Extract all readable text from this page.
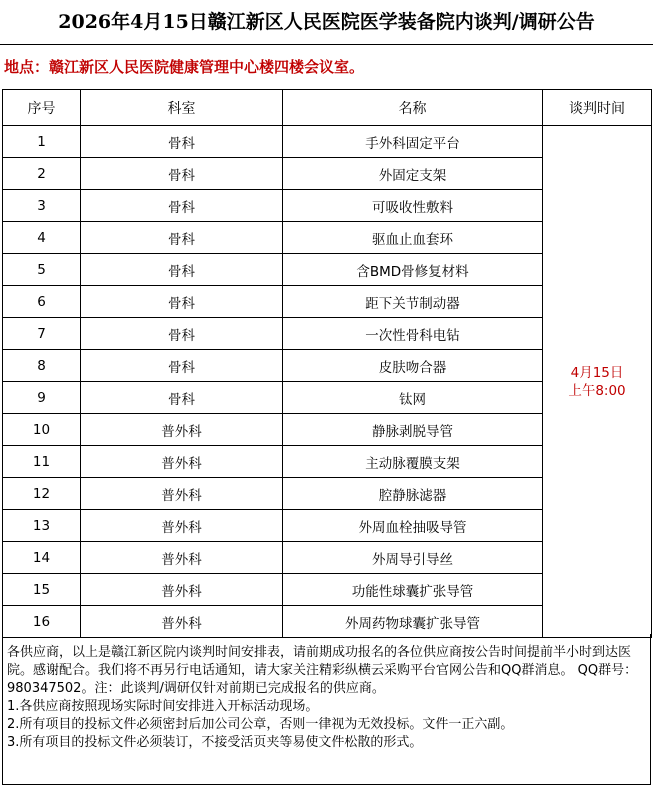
2026年4月15日赣江新区人民医院医学装备院内谈判/调研公告
地点：赣江新区人民医院健康管理中心楼四楼会议室。
序号	科室	名称	谈判时间
1	骨科	手外科固定平台	4月15日
上午8:00

2	骨科	外固定支架	
3	骨科	可吸收性敷料	
4	骨科	驱血止血套环	
5	骨科	含BMD骨修复材料	
6	骨科	距下关节制动器	
7	骨科	一次性骨科电钻	
8	骨科	皮肤吻合器	
9	骨科	钛网	
10	普外科	静脉剥脱导管	
11	普外科	主动脉覆膜支架	
12	普外科	腔静脉滤器	
13	普外科	外周血栓抽吸导管	
14	普外科	外周导引导丝	
15	普外科	功能性球囊扩张导管	
16	普外科	外周药物球囊扩张导管	

各供应商，以上是赣江新区院内谈判时间安排表，请前期成功报名的各位供应商按公告时间提前半小时到达医院。感谢配合。我们将不再另行电话通知，请大家关注精彩纵横云采购平台官网公告和QQ群消息。 QQ群号：980347502。注：此谈判/调研仅针对前期已完成报名的供应商。

1.各供应商按照现场实际时间安排进入开标活动现场。

2.所有项目的投标文件必须密封后加公司公章，否则一律视为无效投标。文件一正六副。

3.所有项目的投标文件必须装订，不接受活页夹等易使文件松散的形式。
